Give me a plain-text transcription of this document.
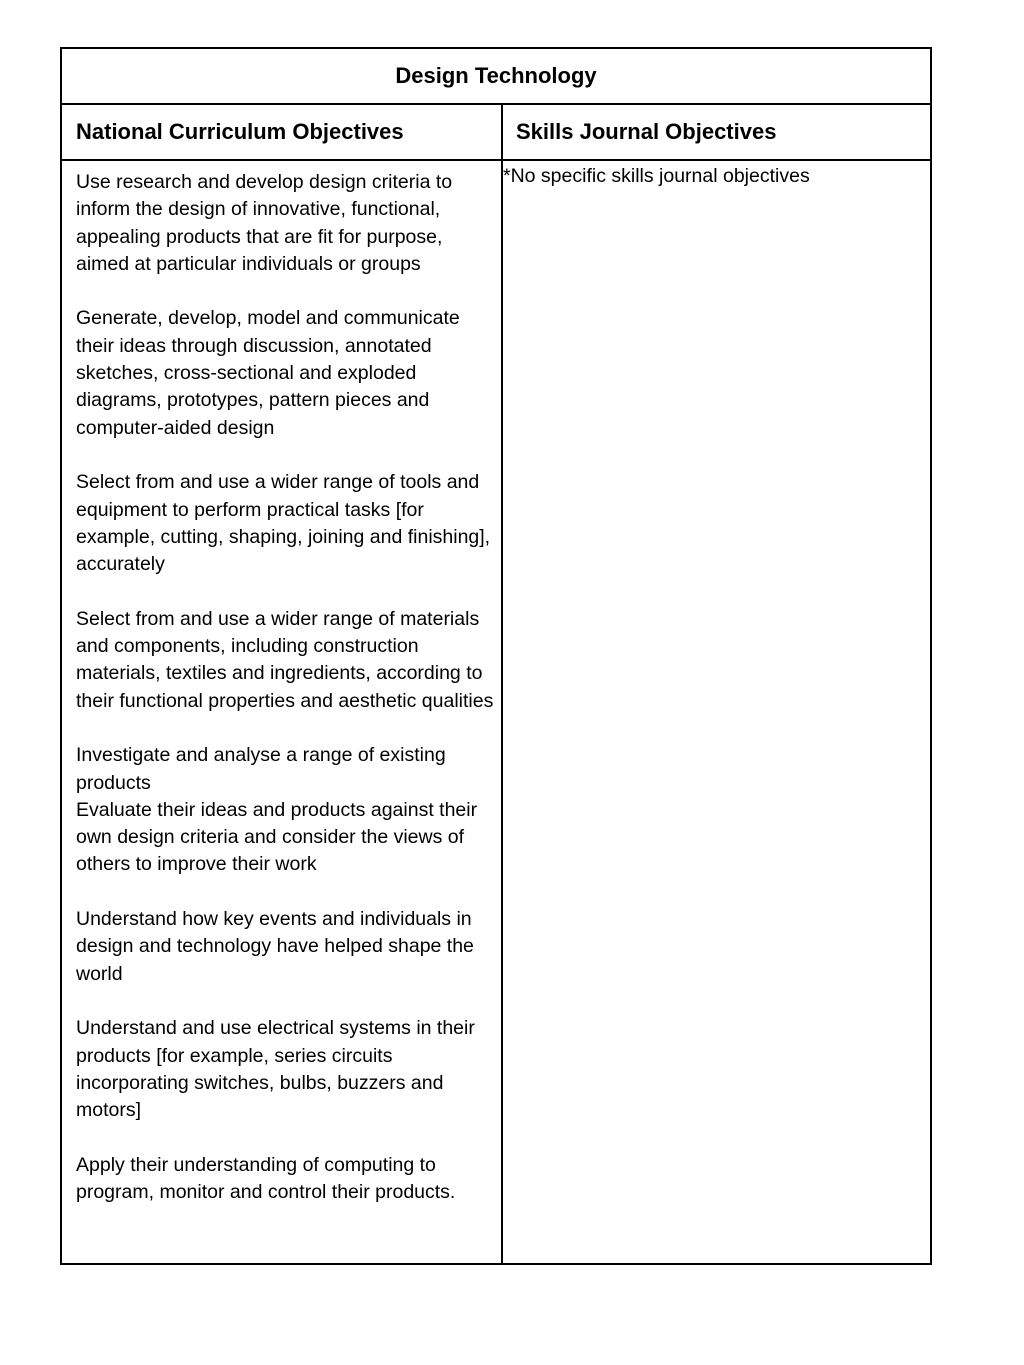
Design Technology
National Curriculum Objectives	Skills Journal Objectives

Use research and develop design criteria to inform the design of innovative, functional, appealing products that are fit for purpose, aimed at particular individuals or groups

Generate, develop, model and communicate their ideas through discussion, annotated sketches, cross-sectional and exploded diagrams, prototypes, pattern pieces and computer-aided design

Select from and use a wider range of tools and equipment to perform practical tasks [for example, cutting, shaping, joining and finishing], accurately

Select from and use a wider range of materials and components, including construction materials, textiles and ingredients, according to their functional properties and aesthetic qualities

Investigate and analyse a range of existing products

Evaluate their ideas and products against their own design criteria and consider the views of others to improve their work

Understand how key events and individuals in design and technology have helped shape the world

Understand and use electrical systems in their products [for example, series circuits incorporating switches, bulbs, buzzers and motors]

Apply their understanding of computing to program, monitor and control their products.

*No specific skills journal objectives
